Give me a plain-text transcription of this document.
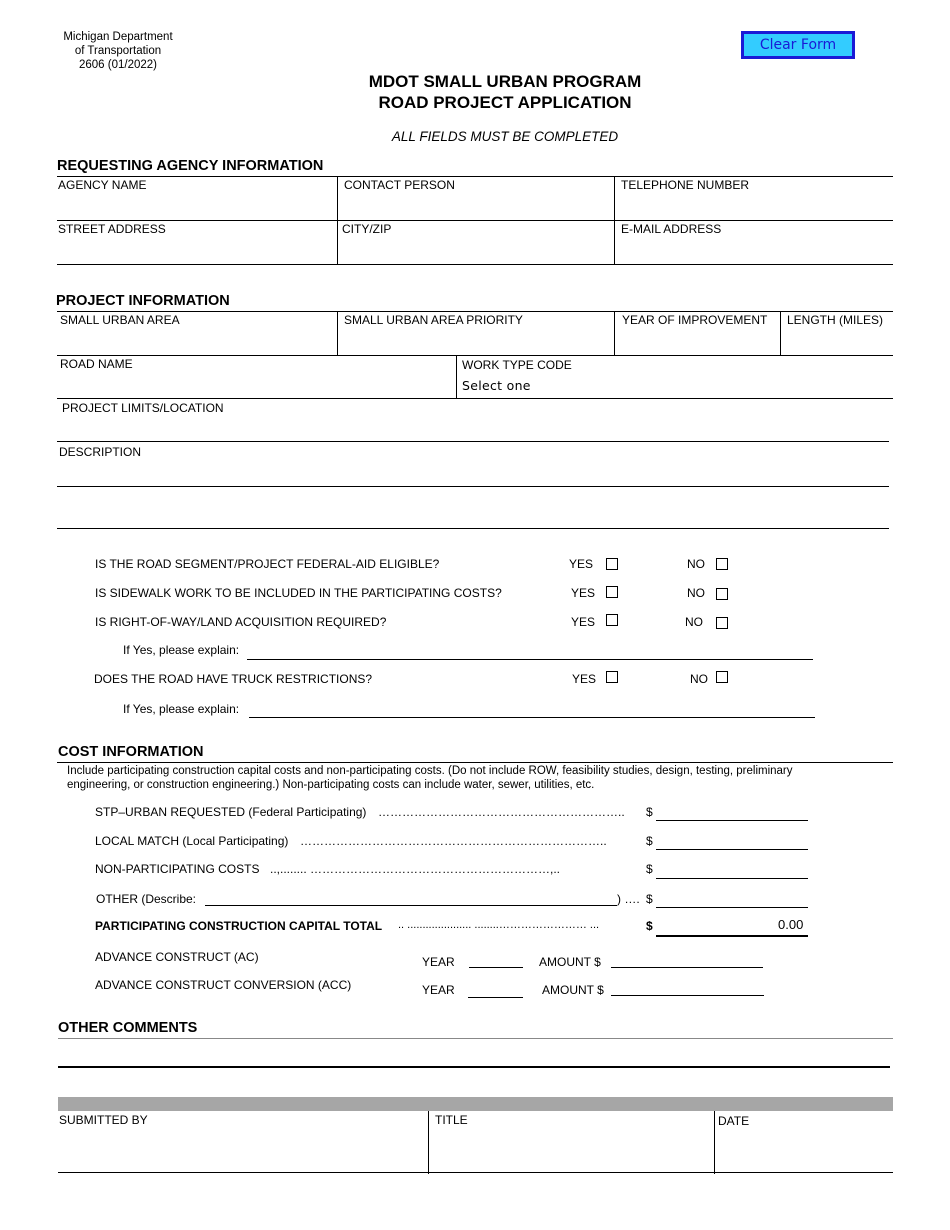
Michigan Department
of Transportation
2606 (01/2022)
Clear Form
MDOT SMALL URBAN PROGRAM
ROAD PROJECT APPLICATION
ALL FIELDS MUST BE COMPLETED
REQUESTING AGENCY INFORMATION
AGENCY NAME	CONTACT PERSON	TELEPHONE NUMBER
STREET ADDRESS	CITY/ZIP	E-MAIL ADDRESS
PROJECT INFORMATION
SMALL URBAN AREA	SMALL URBAN AREA PRIORITY	YEAR OF IMPROVEMENT LENGTH (MILES)
ROAD NAME	WORK TYPE CODE
Select one
PROJECT LIMITS/LOCATION
DESCRIPTION
IS THE ROAD SEGMENT/PROJECT FEDERAL-AID ELIGIBLE?	YES	NO
IS SIDEWALK WORK TO BE INCLUDED IN THE PARTICIPATING COSTS?	YES	NO
IS RIGHT-OF-WAY/LAND ACQUISITION REQUIRED?	YES	NO
If Yes, please explain:
DOES THE ROAD HAVE TRUCK RESTRICTIONS?	YES	NO
If Yes, please explain:
COST INFORMATION
Include participating construction capital costs and non-participating costs. (Do not include ROW, feasibility studies, design, testing, preliminary
engineering, or construction engineering.) Non-participating costs can include water, sewer, utilities, etc.
STP–URBAN REQUESTED (Federal Participating) ……………………………………………………..	$
LOCAL MATCH (Local Participating) …………………………………………………………………..	$
NON-PARTICIPATING COSTS ..,........ ……………………………………………………,..	$
OTHER (Describe:	) …. $
PARTICIPATING CONSTRUCTION CAPITAL TOTAL .. ..................... ........…………………… ...	$	0.00
ADVANCE CONSTRUCT (AC)	YEAR	AMOUNT $
ADVANCE CONSTRUCT CONVERSION (ACC)	YEAR	AMOUNT $
OTHER COMMENTS
SUBMITTED BY	TITLE	DATE
